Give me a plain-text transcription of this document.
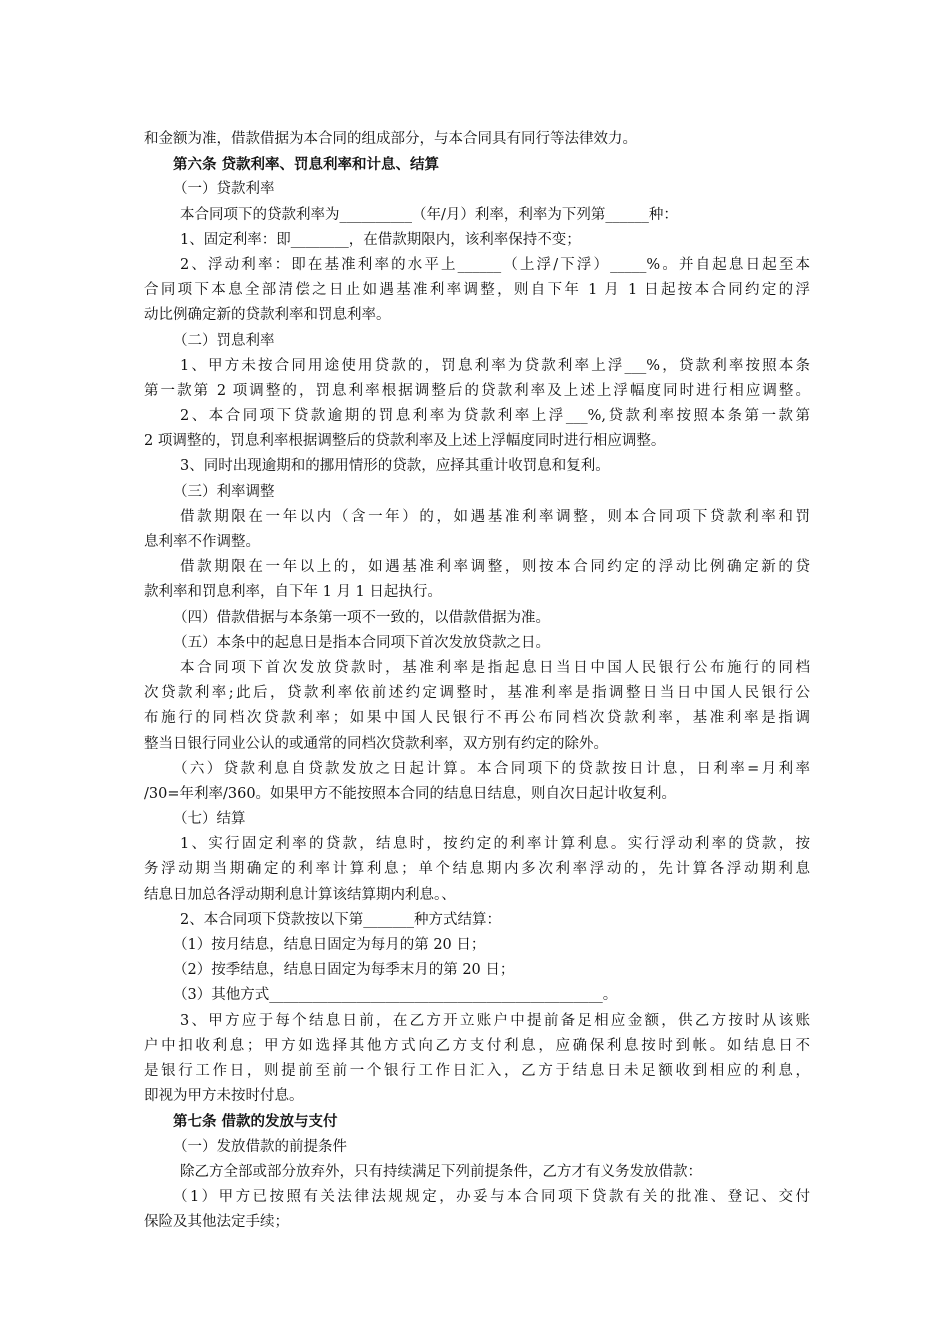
和金额为准，借款借据为本合同的组成部分，与本合同具有同行等法律效力。
第六条 贷款利率、罚息利率和计息、结算
（一）贷款利率
本合同项下的贷款利率为__________（年/月）利率，利率为下列第______种：
1、固定利率：即________，在借款期限内，该利率保持不变；
2、浮动利率：即在基准利率的水平上______（上浮/下浮）_____%。并自起息日起至本
合同项下本息全部清偿之日止如遇基准利率调整，则自下年 1 月 1 日起按本合同约定的浮
动比例确定新的贷款利率和罚息利率。
（二）罚息利率
1、甲方未按合同用途使用贷款的，罚息利率为贷款利率上浮___%，贷款利率按照本条
第一款第 2 项调整的，罚息利率根据调整后的贷款利率及上述上浮幅度同时进行相应调整。
2、本合同项下贷款逾期的罚息利率为贷款利率上浮___%,贷款利率按照本条第一款第
2 项调整的，罚息利率根据调整后的贷款利率及上述上浮幅度同时进行相应调整。
3、同时出现逾期和的挪用情形的贷款，应择其重计收罚息和复利。
（三）利率调整
借款期限在一年以内（含一年）的，如遇基准利率调整，则本合同项下贷款利率和罚
息利率不作调整。
借款期限在一年以上的，如遇基准利率调整，则按本合同约定的浮动比例确定新的贷
款利率和罚息利率，自下年 1 月 1 日起执行。
（四）借款借据与本条第一项不一致的，以借款借据为准。
（五）本条中的起息日是指本合同项下首次发放贷款之日。
本合同项下首次发放贷款时，基准利率是指起息日当日中国人民银行公布施行的同档
次贷款利率;此后，贷款利率依前述约定调整时，基准利率是指调整日当日中国人民银行公
布施行的同档次贷款利率；如果中国人民银行不再公布同档次贷款利率，基准利率是指调
整当日银行同业公认的或通常的同档次贷款利率，双方别有约定的除外。
（六）贷款利息自贷款发放之日起计算。本合同项下的贷款按日计息，日利率=月利率
/30=年利率/360。如果甲方不能按照本合同的结息日结息，则自次日起计收复利。
（七）结算
1、实行固定利率的贷款，结息时，按约定的利率计算利息。实行浮动利率的贷款，按
务浮动期当期确定的利率计算利息；单个结息期内多次利率浮动的，先计算各浮动期利息
结息日加总各浮动期利息计算该结算期内利息。、
2、本合同项下贷款按以下第_______种方式结算：
（1）按月结息，结息日固定为每月的第 20 日；
（2）按季结息，结息日固定为每季末月的第 20 日；
（3）其他方式______________________________________________。
3、甲方应于每个结息日前，在乙方开立账户中提前备足相应金额，供乙方按时从该账
户中扣收利息；甲方如选择其他方式向乙方支付利息，应确保利息按时到帐。如结息日不
是银行工作日，则提前至前一个银行工作日汇入，乙方于结息日未足额收到相应的利息，
即视为甲方未按时付息。
第七条 借款的发放与支付
（一）发放借款的前提条件
除乙方全部或部分放弃外，只有持续满足下列前提条件，乙方才有义务发放借款：
（1）甲方已按照有关法律法规规定，办妥与本合同项下贷款有关的批准、登记、交付
保险及其他法定手续；
